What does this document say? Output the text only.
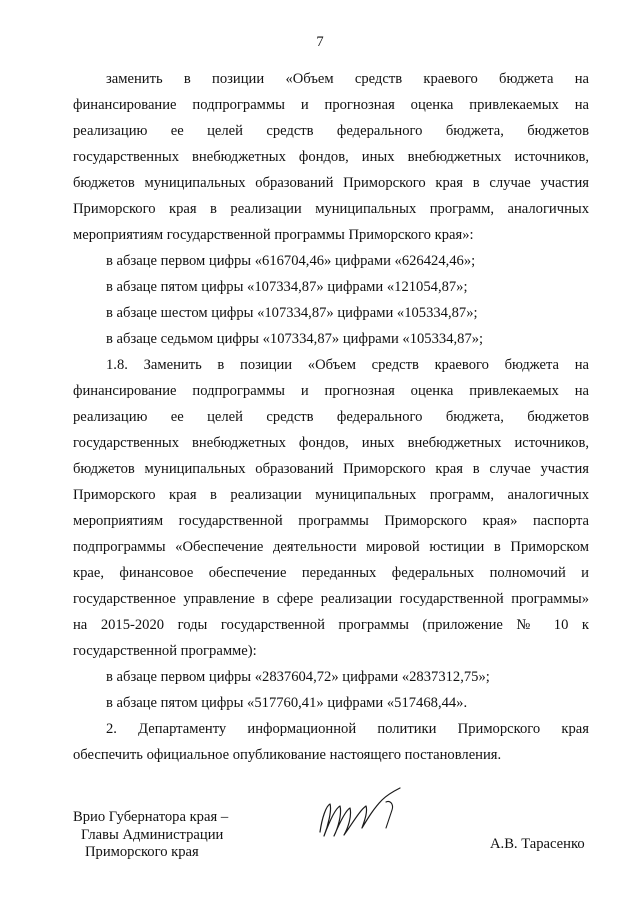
7
заменить в позиции «Объем средств краевого бюджета на
финансирование подпрограммы и прогнозная оценка привлекаемых на
реализацию ее целей средств федерального бюджета, бюджетов
государственных внебюджетных фондов, иных внебюджетных источников,
бюджетов муниципальных образований Приморского края в случае участия
Приморского края в реализации муниципальных программ, аналогичных
мероприятиям государственной программы Приморского края»:
в абзаце первом цифры «616704,46» цифрами «626424,46»;
в абзаце пятом цифры «107334,87» цифрами «121054,87»;
в абзаце шестом цифры «107334,87» цифрами «105334,87»;
в абзаце седьмом цифры «107334,87» цифрами «105334,87»;
1.8. Заменить в позиции «Объем средств краевого бюджета на
финансирование подпрограммы и прогнозная оценка привлекаемых на
реализацию ее целей средств федерального бюджета, бюджетов
государственных внебюджетных фондов, иных внебюджетных источников,
бюджетов муниципальных образований Приморского края в случае участия
Приморского края в реализации муниципальных программ, аналогичных
мероприятиям государственной программы Приморского края» паспорта
подпрограммы «Обеспечение деятельности мировой юстиции в Приморском
крае, финансовое обеспечение переданных федеральных полномочий и
государственное управление в сфере реализации государственной программы»
на 2015-2020 годы государственной программы (приложение № 10 к
государственной программе):
в абзаце первом цифры «2837604,72» цифрами «2837312,75»;
в абзаце пятом цифры «517760,41» цифрами «517468,44».
2. Департаменту информационной политики Приморского края
обеспечить официальное опубликование настоящего постановления.
Врио Губернатора края –
Главы Администрации
Приморского края	А.В. Тарасенко
